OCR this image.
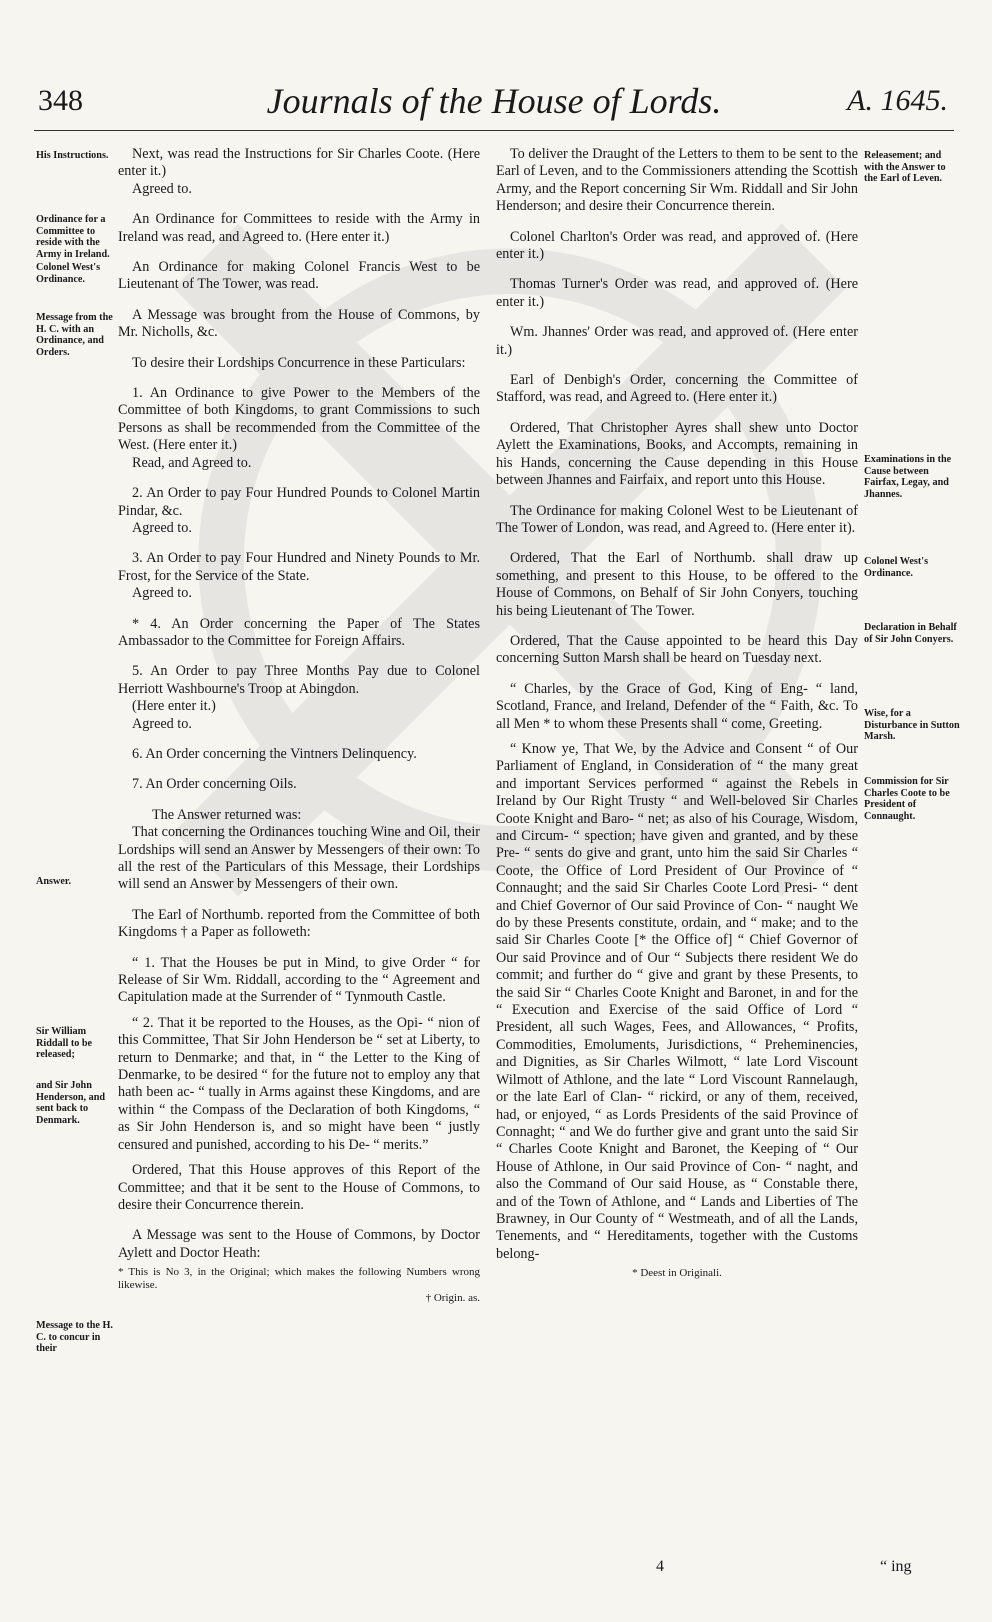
348	Journals of the House of Lords.	A. 1645.
His Instructions.
Ordinance for a Committee to reside with the Army in Ireland.
Colonel West's Ordinance.
Message from the H. C. with an Ordinance, and Orders.
Answer.
Sir William Riddall to be released;
and Sir John Henderson, and sent back to Denmark.
Message to the H. C. to concur in their
Releasement; and with the Answer to the Earl of Leven.
Examinations in the Cause between Fairfax, Legay, and Jhannes.
Colonel West's Ordinance.
Declaration in Behalf of Sir John Conyers.
Wise, for a Disturbance in Sutton Marsh.
Commission for Sir Charles Coote to be President of Connaught.

Next, was read the Instructions for Sir Charles Coote. (Here enter it.)

Agreed to.

An Ordinance for Committees to reside with the Army in Ireland was read, and Agreed to. (Here enter it.)

An Ordinance for making Colonel Francis West to be Lieutenant of The Tower, was read.

A Message was brought from the House of Commons, by Mr. Nicholls, &c.

To desire their Lordships Concurrence in these Particulars:

1. An Ordinance to give Power to the Members of the Committee of both Kingdoms, to grant Commissions to such Persons as shall be recommended from the Committee of the West. (Here enter it.)

Read, and Agreed to.

2. An Order to pay Four Hundred Pounds to Colonel Martin Pindar, &c.

Agreed to.

3. An Order to pay Four Hundred and Ninety Pounds to Mr. Frost, for the Service of the State.

Agreed to.

* 4. An Order concerning the Paper of The States Ambassador to the Committee for Foreign Affairs.

5. An Order to pay Three Months Pay due to Colonel Herriott Washbourne's Troop at Abingdon.

(Here enter it.)

Agreed to.

6. An Order concerning the Vintners Delinquency.

7. An Order concerning Oils.

The Answer returned was:

That concerning the Ordinances touching Wine and Oil, their Lordships will send an Answer by Messengers of their own: To all the rest of the Particulars of this Message, their Lordships will send an Answer by Messengers of their own.

The Earl of Northumb. reported from the Committee of both Kingdoms † a Paper as followeth:

“ 1. That the Houses be put in Mind, to give Order “ for Release of Sir Wm. Riddall, according to the “ Agreement and Capitulation made at the Surrender of “ Tynmouth Castle.

“ 2. That it be reported to the Houses, as the Opi- “ nion of this Committee, That Sir John Henderson be “ set at Liberty, to return to Denmarke; and that, in “ the Letter to the King of Denmarke, to be desired “ for the future not to employ any that hath been ac- “ tually in Arms against these Kingdoms, and are within “ the Compass of the Declaration of both Kingdoms, “ as Sir John Henderson is, and so might have been “ justly censured and punished, according to his De- “ merits.”

Ordered, That this House approves of this Report of the Committee; and that it be sent to the House of Commons, to desire their Concurrence therein.

A Message was sent to the House of Commons, by Doctor Aylett and Doctor Heath:

* This is No 3, in the Original; which makes the following Numbers wrong likewise.
† Origin. as.

To deliver the Draught of the Letters to them to be sent to the Earl of Leven, and to the Commissioners attending the Scottish Army, and the Report concerning Sir Wm. Riddall and Sir John Henderson; and desire their Concurrence therein.

Colonel Charlton's Order was read, and approved of. (Here enter it.)

Thomas Turner's Order was read, and approved of. (Here enter it.)

Wm. Jhannes' Order was read, and approved of. (Here enter it.)

Earl of Denbigh's Order, concerning the Committee of Stafford, was read, and Agreed to. (Here enter it.)

Ordered, That Christopher Ayres shall shew unto Doctor Aylett the Examinations, Books, and Accompts, remaining in his Hands, concerning the Cause depending in this House between Jhannes and Fairfaix, and report unto this House.

The Ordinance for making Colonel West to be Lieutenant of The Tower of London, was read, and Agreed to. (Here enter it).

Ordered, That the Earl of Northumb. shall draw up something, and present to this House, to be offered to the House of Commons, on Behalf of Sir John Conyers, touching his being Lieutenant of The Tower.

Ordered, That the Cause appointed to be heard this Day concerning Sutton Marsh shall be heard on Tuesday next.

“ Charles, by the Grace of God, King of Eng- “ land, Scotland, France, and Ireland, Defender of the “ Faith, &c. To all Men * to whom these Presents shall “ come, Greeting.

“ Know ye, That We, by the Advice and Consent “ of Our Parliament of England, in Consideration of “ the many great and important Services performed “ against the Rebels in Ireland by Our Right Trusty “ and Well-beloved Sir Charles Coote Knight and Baro- “ net; as also of his Courage, Wisdom, and Circum- “ spection; have given and granted, and by these Pre- “ sents do give and grant, unto him the said Sir Charles “ Coote, the Office of Lord President of Our Province of “ Connaught; and the said Sir Charles Coote Lord Presi- “ dent and Chief Governor of Our said Province of Con- “ naught We do by these Presents constitute, ordain, and “ make; and to the said Sir Charles Coote [* the Office of] “ Chief Governor of Our said Province and of Our “ Subjects there resident We do commit; and further do “ give and grant by these Presents, to the said Sir “ Charles Coote Knight and Baronet, in and for the “ Execution and Exercise of the said Office of Lord “ President, all such Wages, Fees, and Allowances, “ Profits, Commodities, Emoluments, Jurisdictions, “ Preheminencies, and Dignities, as Sir Charles Wilmott, “ late Lord Viscount Wilmott of Athlone, and the late “ Lord Viscount Rannelaugh, or the late Earl of Clan- “ rickird, or any of them, received, had, or enjoyed, “ as Lords Presidents of the said Province of Connaght; “ and We do further give and grant unto the said Sir “ Charles Coote Knight and Baronet, the Keeping of “ Our House of Athlone, in Our said Province of Con- “ naght, and also the Command of Our said House, as “ Constable there, and of the Town of Athlone, and “ Lands and Liberties of The Brawney, in Our County of “ Westmeath, and of all the Lands, Tenements, and “ Hereditaments, together with the Customs belong-

* Deest in Originali.
4	“ ing
